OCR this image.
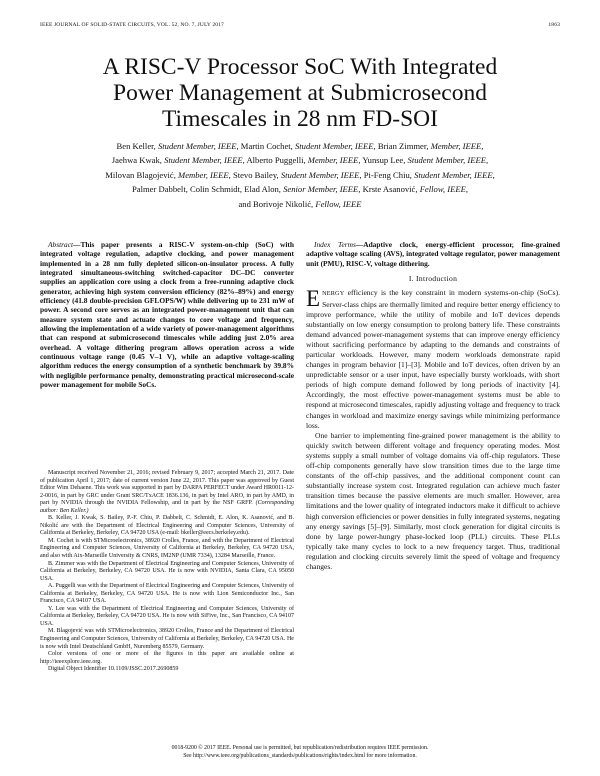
IEEE JOURNAL OF SOLID-STATE CIRCUITS, VOL. 52, NO. 7, JULY 2017	1863
A RISC-V Processor SoC With Integrated
Power Management at Submicrosecond
Timescales in 28 nm FD-SOI
Ben Keller, Student Member, IEEE, Martin Cochet, Student Member, IEEE, Brian Zimmer, Member, IEEE,
Jaehwa Kwak, Student Member, IEEE, Alberto Puggelli, Member, IEEE, Yunsup Lee, Student Member, IEEE,
Milovan Blagojević, Member, IEEE, Stevo Bailey, Student Member, IEEE, Pi-Feng Chiu, Student Member, IEEE,
Palmer Dabbelt, Colin Schmidt, Elad Alon, Senior Member, IEEE, Krste Asanović, Fellow, IEEE,
and Borivoje Nikolić, Fellow, IEEE

Abstract—This paper presents a RISC-V system-on-chip (SoC) with integrated voltage regulation, adaptive clocking, and power management implemented in a 28 nm fully depleted silicon-on-insulator process. A fully integrated simultaneous-switching switched-capacitor DC–DC converter supplies an application core using a clock from a free-running adaptive clock generator, achieving high system conversion efficiency (82%–89%) and energy efficiency (41.8 double-precision GFLOPS/W) while delivering up to 231 mW of power. A second core serves as an integrated power-management unit that can measure system state and actuate changes to core voltage and frequency, allowing the implementation of a wide variety of power-management algorithms that can respond at submicrosecond timescales while adding just 2.0% area overhead. A voltage dithering program allows operation across a wide continuous voltage range (0.45 V–1 V), while an adaptive voltage-scaling algorithm reduces the energy consumption of a synthetic benchmark by 39.8% with negligible performance penalty, demonstrating practical microsecond-scale power management for mobile SoCs.

Manuscript received November 21, 2016; revised February 9, 2017; accepted March 21, 2017. Date of publication April 1, 2017; date of current version June 22, 2017. This paper was approved by Guest Editor Wim Dehaene. This work was supported in part by DARPA PERFECT under Award HR0011-12-2-0016, in part by GRC under Grant SRC/TxACE 1836.136, in part by Intel ARO, in part by AMD, in part by NVIDIA through the NVIDIA Fellowship, and in part by the NSF GRFP. (Corresponding author: Ben Keller.)

B. Keller, J. Kwak, S. Bailey, P.-F. Chiu, P. Dabbelt, C. Schmidt, E. Alon, K. Asanović, and B. Nikolić are with the Department of Electrical Engineering and Computer Sciences, University of California at Berkeley, Berkeley, CA 94720 USA (e-mail: bkeller@eecs.berkeley.edu).

M. Cochet is with STMicroelectronics, 38920 Crolles, France, and with the Department of Electrical Engineering and Computer Sciences, University of California at Berkeley, Berkeley, CA 94720 USA, and also with Aix-Marseille University & CNRS, IM2NP (UMR 7334), 13284 Marseille, France.

B. Zimmer was with the Department of Electrical Engineering and Computer Sciences, University of California at Berkeley, Berkeley, CA 94720 USA. He is now with NVIDIA, Santa Clara, CA 95050 USA.

A. Puggelli was with the Department of Electrical Engineering and Computer Sciences, University of California at Berkeley, Berkeley, CA 94720 USA. He is now with Lion Semiconductor Inc., San Francisco, CA 94107 USA.

Y. Lee was with the Department of Electrical Engineering and Computer Sciences, University of California at Berkeley, Berkeley, CA 94720 USA. He is now with SiFive, Inc., San Francisco, CA 94107 USA.

M. Blagojević was with STMicroelectronics, 38920 Crolles, France and the Department of Electrical Engineering and Computer Sciences, University of California at Berkeley, Berkeley, CA 94720 USA. He is now with Intel Deutschland GmbH, Nuremberg 85579, Germany.

Color versions of one or more of the figures in this paper are available online at http://ieeexplore.ieee.org.

Digital Object Identifier 10.1109/JSSC.2017.2690859

Index Terms—Adaptive clock, energy-efficient processor, fine-grained adaptive voltage scaling (AVS), integrated voltage regulator, power management unit (PMU), RISC-V, voltage dithering.

I. Introduction

ENERGY efficiency is the key constraint in modern systems-on-chip (SoCs). Server-class chips are thermally limited and require better energy efficiency to improve performance, while the utility of mobile and IoT devices depends substantially on low energy consumption to prolong battery life. These constraints demand advanced power-management systems that can improve energy efficiency without sacrificing performance by adapting to the demands and constraints of particular workloads. However, many modern workloads demonstrate rapid changes in program behavior [1]–[3]. Mobile and IoT devices, often driven by an unpredictable sensor or a user input, have especially bursty workloads, with short periods of high compute demand followed by long periods of inactivity [4]. Accordingly, the most effective power-management systems must be able to respond at microsecond timescales, rapidly adjusting voltage and frequency to track changes in workload and maximize energy savings while minimizing performance loss.

One barrier to implementing fine-grained power management is the ability to quickly switch between different voltage and frequency operating modes. Most systems supply a small number of voltage domains via off-chip regulators. These off-chip components generally have slow transition times due to the large time constants of the off-chip passives, and the additional component count can substantially increase system cost. Integrated regulation can achieve much faster transition times because the passive elements are much smaller. However, area limitations and the lower quality of integrated inductors make it difficult to achieve high conversion efficiencies or power densities in fully integrated systems, negating any energy savings [5]–[9]. Similarly, most clock generation for digital circuits is done by large power-hungry phase-locked loop (PLL) circuits. These PLLs typically take many cycles to lock to a new frequency target. Thus, traditional regulation and clocking circuits severely limit the speed of voltage and frequency changes.

0018-9200 © 2017 IEEE. Personal use is permitted, but republication/redistribution requires IEEE permission.
See http://www.ieee.org/publications_standards/publications/rights/index.html for more information.
